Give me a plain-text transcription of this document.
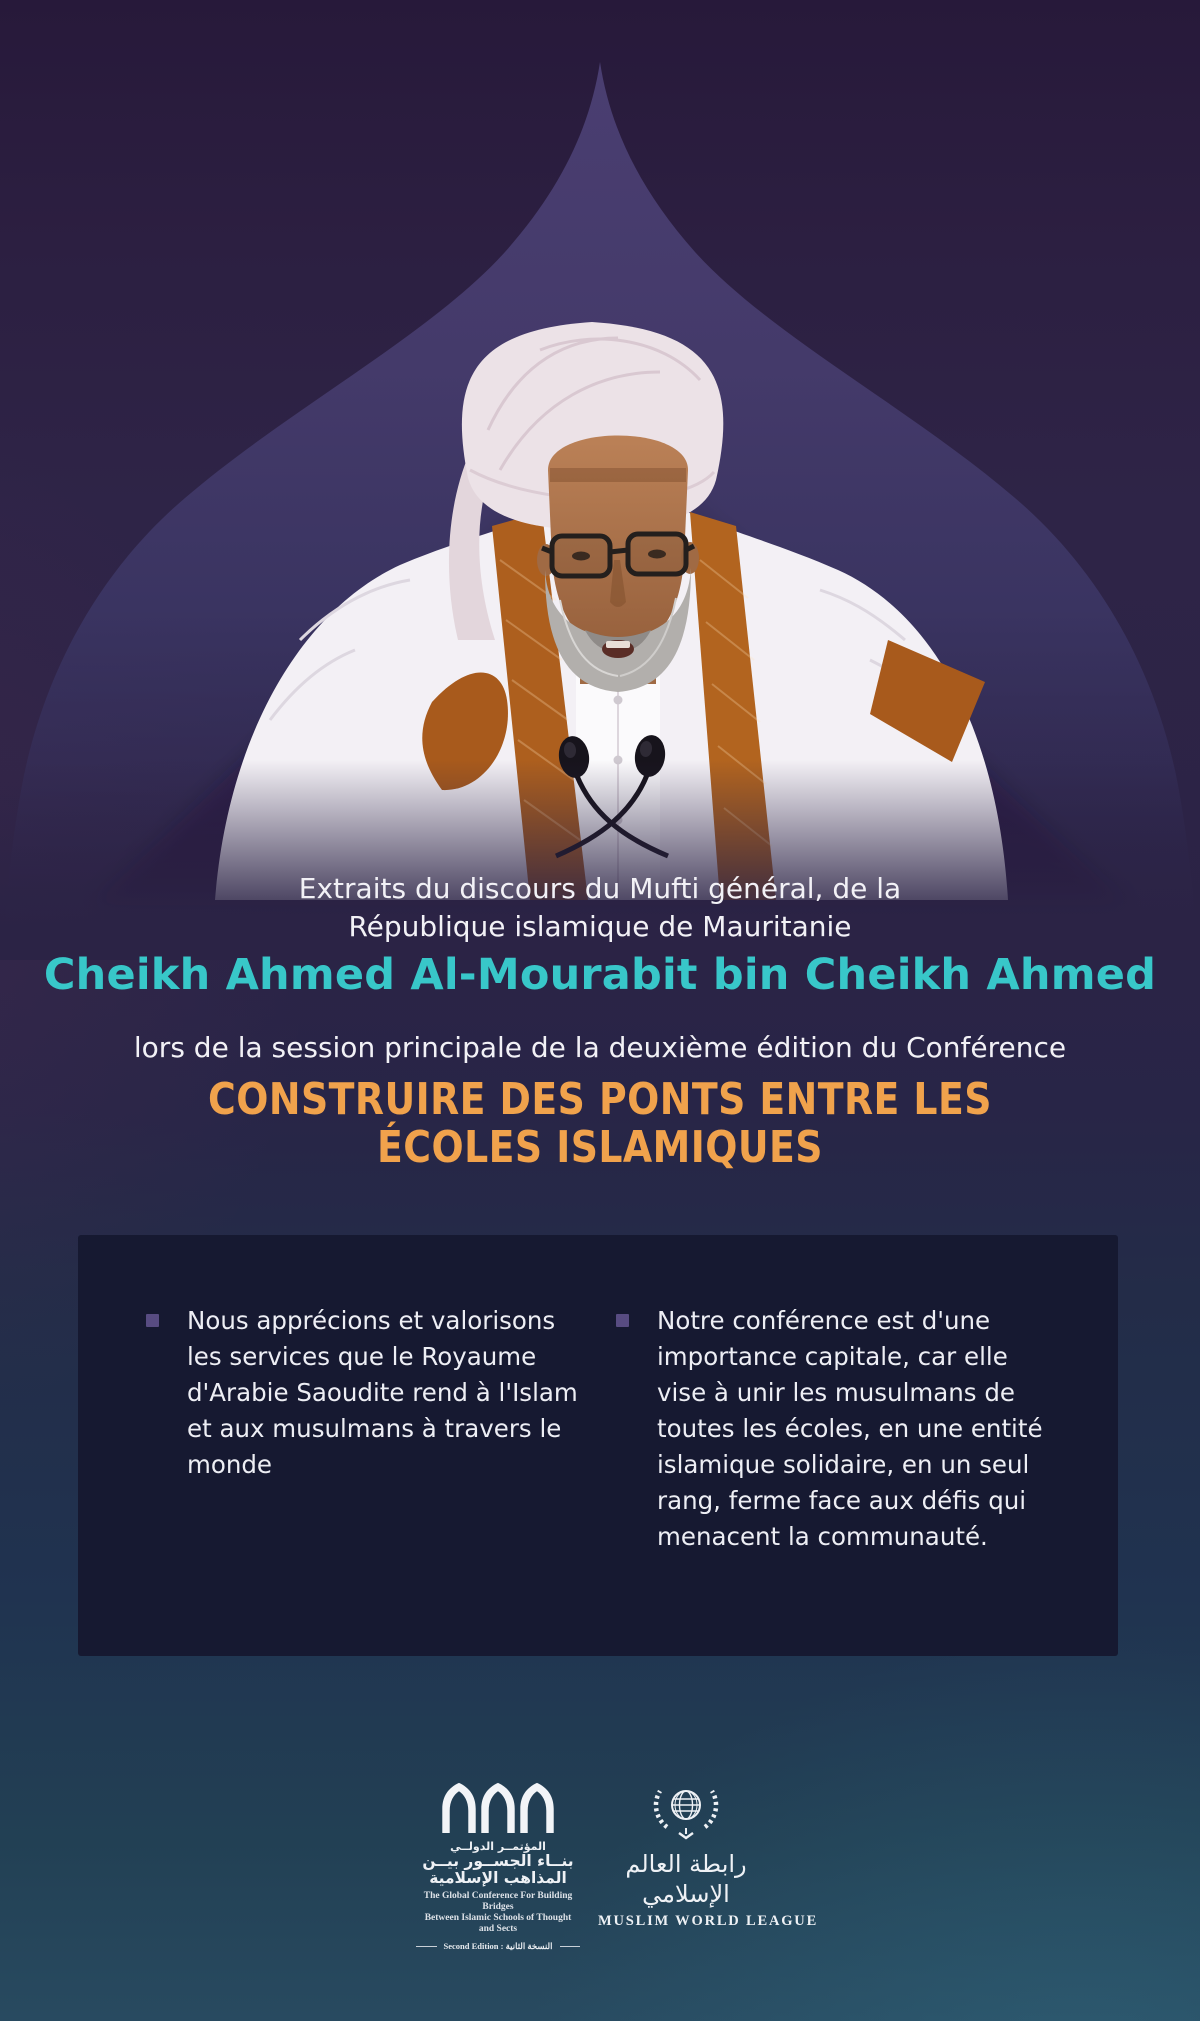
Extraits du discours du Mufti général, de la
République islamique de Mauritanie
Cheikh Ahmed Al-Mourabit bin Cheikh Ahmed
lors de la session principale de la deuxième édition du Conférence
CONSTRUIRE DES PONTS ENTRE LES
ÉCOLES ISLAMIQUES

Nous apprécions et valorisons les services que le Royaume d'Arabie Saoudite rend à l'Islam et aux musulmans à travers le monde

Notre conférence est d'une importance capitale, car elle vise à unir les musulmans de toutes les écoles, en une entité islamique solidaire, en un seul rang, ferme face aux défis qui menacent la communauté.

المؤتمــر الدولــي
بنــاء الجســور بيــن
المذاهب الإسلامية
The Global Conference For Building Bridges
Between Islamic Schools of Thought and Sects
Second Edition : النسخة الثانية
رابطة العالم الإسلامي
MUSLIM WORLD LEAGUE
